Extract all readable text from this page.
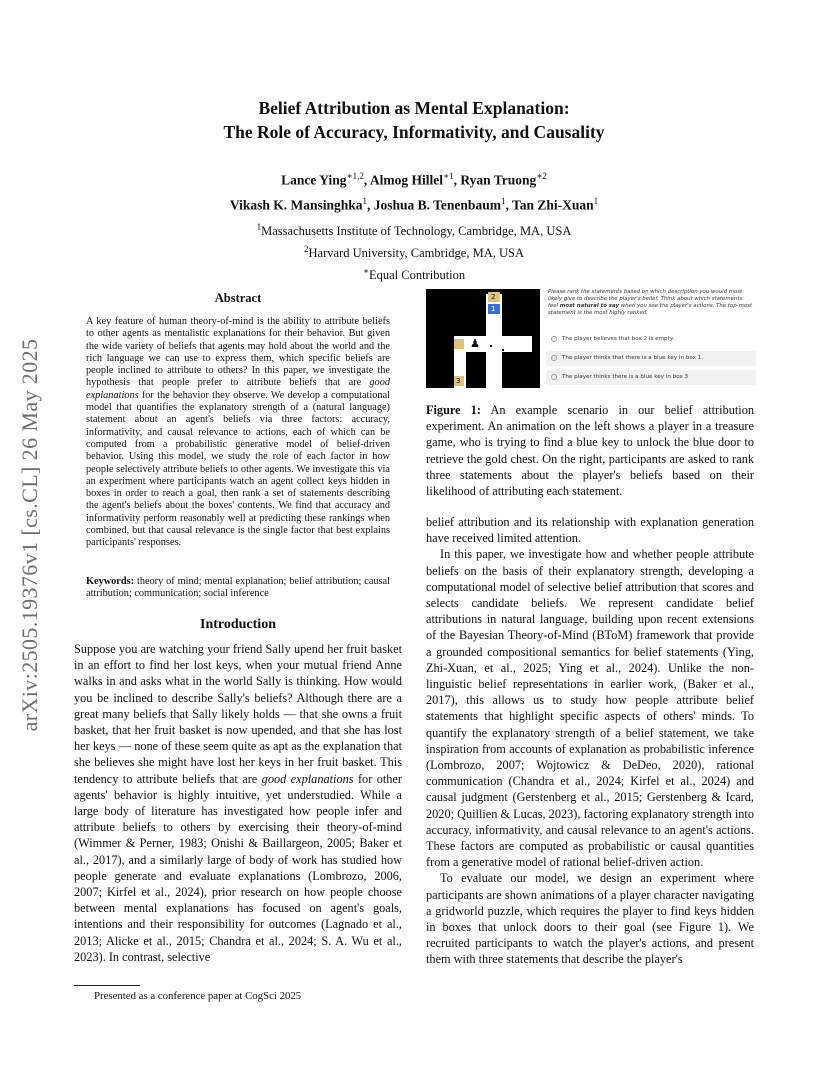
Belief Attribution as Mental Explanation:
The Role of Accuracy, Informativity, and Causality
Lance Ying$^{∗1,2}$, Almog Hillel$^{∗1}$, Ryan Truong$^{∗2}$
Vikash K. Mansinghka$^1$, Joshua B. Tenenbaum$^1$, Tan Zhi-Xuan$^1$
$^1$Massachusetts Institute of Technology, Cambridge, MA, USA
$^2$Harvard University, Cambridge, MA, USA
∗Equal Contribution
arXiv:2505.19376v1 [cs.CL] 26 May 2025
Abstract
A key feature of human theory-of-mind is the ability to attribute beliefs to other agents as mentalistic explanations for their behavior. But given the wide variety of beliefs that agents may hold about the world and the rich language we can use to express them, which specific beliefs are people inclined to attribute to others? In this paper, we investigate the hypothesis that people prefer to attribute beliefs that are good explanations for the behavior they observe. We develop a computational model that quantifies the explanatory strength of a (natural language) statement about an agent's beliefs via three factors: accuracy, informativity, and causal relevance to actions, each of which can be computed from a probabilistic generative model of belief-driven behavior. Using this model, we study the role of each factor in how people selectively attribute beliefs to other agents. We investigate this via an experiment where participants watch an agent collect keys hidden in boxes in order to reach a goal, then rank a set of statements describing the agent's beliefs about the boxes' contents. We find that accuracy and informativity perform reasonably well at predicting these rankings when combined, but that causal relevance is the single factor that best explains participants' responses.
Keywords: theory of mind; mental explanation; belief attribution; causal attribution; communication; social inference
Introduction

Suppose you are watching your friend Sally upend her fruit basket in an effort to find her lost keys, when your mutual friend Anne walks in and asks what in the world Sally is thinking. How would you be inclined to describe Sally's beliefs? Although there are a great many beliefs that Sally likely holds — that she owns a fruit basket, that her fruit basket is now upended, and that she has lost her keys — none of these seem quite as apt as the explanation that she believes she might have lost her keys in her fruit basket. This tendency to attribute beliefs that are good explanations for other agents' behavior is highly intuitive, yet understudied. While a large body of literature has investigated how people infer and attribute beliefs to others by exercising their theory-of-mind (Wimmer & Perner, 1983; Onishi & Baillargeon, 2005; Baker et al., 2017), and a similarly large of body of work has studied how people generate and evaluate explanations (Lombrozo, 2006, 2007; Kirfel et al., 2024), prior research on how people choose between mental explanations has focused on agent's goals, intentions and their responsibility for outcomes (Lagnado et al., 2013; Alicke et al., 2015; Chandra et al., 2024; S. A. Wu et al., 2023). In contrast, selective

Presented as a conference paper at CogSci 2025
2
1
♟
3
Please rank the statements based on which description you would most likely give to describe the player's belief. Think about which statements feel most natural to say when you see the player's actions. The top-most statement is the most highly ranked.
The player believes that box 2 is empty.
The player thinks that there is a blue key in box 1.
The player thinks there is a blue key in box 3
Figure 1: An example scenario in our belief attribution experiment. An animation on the left shows a player in a treasure game, who is trying to find a blue key to unlock the blue door to retrieve the gold chest. On the right, participants are asked to rank three statements about the player's beliefs based on their likelihood of attributing each statement.

belief attribution and its relationship with explanation generation have received limited attention.

In this paper, we investigate how and whether people attribute beliefs on the basis of their explanatory strength, developing a computational model of selective belief attribution that scores and selects candidate beliefs. We represent candidate belief attributions in natural language, building upon recent extensions of the Bayesian Theory-of-Mind (BToM) framework that provide a grounded compositional semantics for belief statements (Ying, Zhi-Xuan, et al., 2025; Ying et al., 2024). Unlike the non-linguistic belief representations in earlier work, (Baker et al., 2017), this allows us to study how people attribute belief statements that highlight specific aspects of others' minds. To quantify the explanatory strength of a belief statement, we take inspiration from accounts of explanation as probabilistic inference (Lombrozo, 2007; Wojtowicz & DeDeo, 2020), rational communication (Chandra et al., 2024; Kirfel et al., 2024) and causal judgment (Gerstenberg et al., 2015; Gerstenberg & Icard, 2020; Quillien & Lucas, 2023), factoring explanatory strength into accuracy, informativity, and causal relevance to an agent's actions. These factors are computed as probabilistic or causal quantities from a generative model of rational belief-driven action.

To evaluate our model, we design an experiment where participants are shown animations of a player character navigating a gridworld puzzle, which requires the player to find keys hidden in boxes that unlock doors to their goal (see Figure 1). We recruited participants to watch the player's actions, and present them with three statements that describe the player's
